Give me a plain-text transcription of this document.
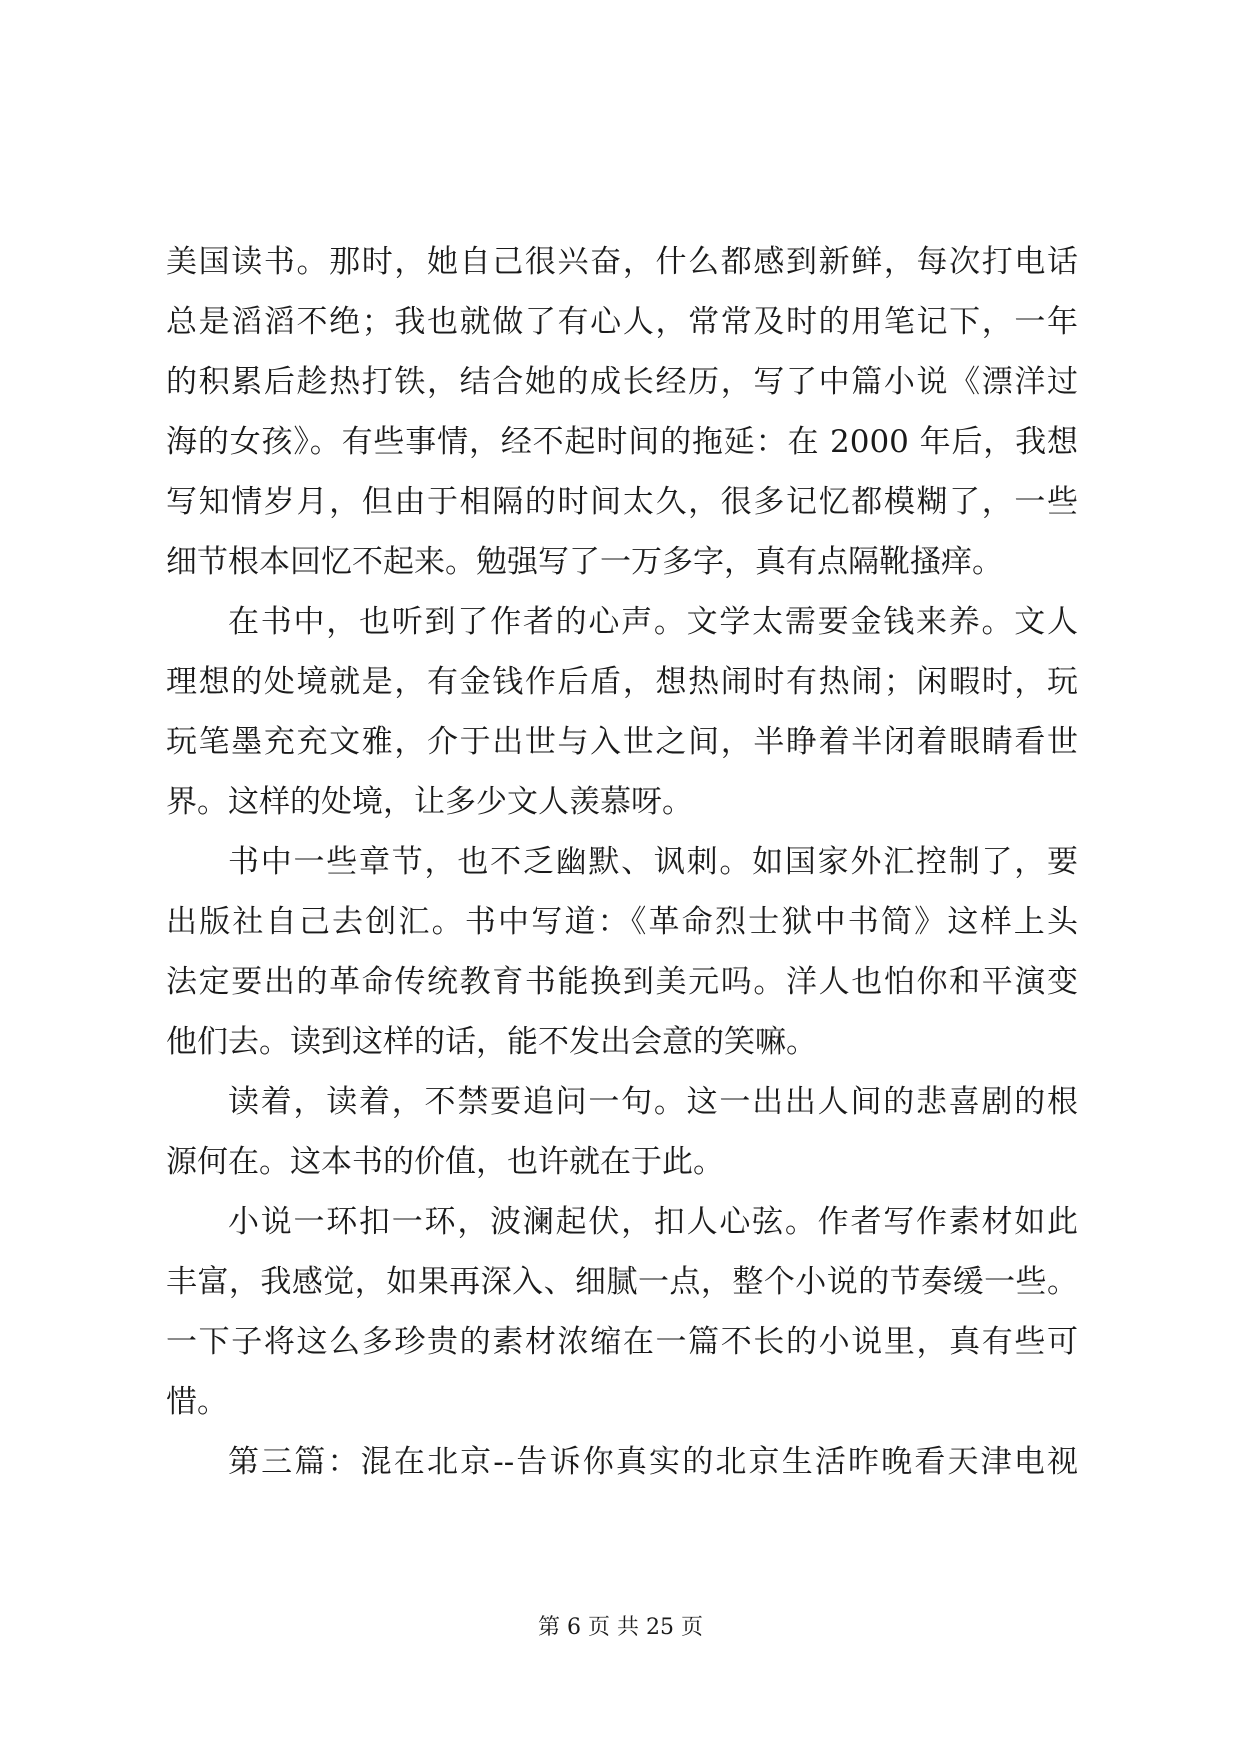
美国读书。那时，她自己很兴奋，什么都感到新鲜，每次打电话
总是滔滔不绝；我也就做了有心人，常常及时的用笔记下，一年
的积累后趁热打铁，结合她的成长经历，写了中篇小说《漂洋过
海的女孩》。有些事情，经不起时间的拖延：在 2000 年后，我想
写知情岁月，但由于相隔的时间太久，很多记忆都模糊了，一些
细节根本回忆不起来。勉强写了一万多字，真有点隔靴搔痒。
在书中，也听到了作者的心声。文学太需要金钱来养。文人
理想的处境就是，有金钱作后盾，想热闹时有热闹；闲暇时，玩
玩笔墨充充文雅，介于出世与入世之间，半睁着半闭着眼睛看世
界。这样的处境，让多少文人羡慕呀。
书中一些章节，也不乏幽默、讽刺。如国家外汇控制了，要
出版社自己去创汇。书中写道：《革命烈士狱中书简》这样上头
法定要出的革命传统教育书能换到美元吗。洋人也怕你和平演变
他们去。读到这样的话，能不发出会意的笑嘛。
读着，读着，不禁要追问一句。这一出出人间的悲喜剧的根
源何在。这本书的价值，也许就在于此。
小说一环扣一环，波澜起伏，扣人心弦。作者写作素材如此
丰富，我感觉，如果再深入、细腻一点，整个小说的节奏缓一些。
一下子将这么多珍贵的素材浓缩在一篇不长的小说里，真有些可
惜。
第三篇：混在北京--告诉你真实的北京生活昨晚看天津电视
第 6 页 共 25 页
